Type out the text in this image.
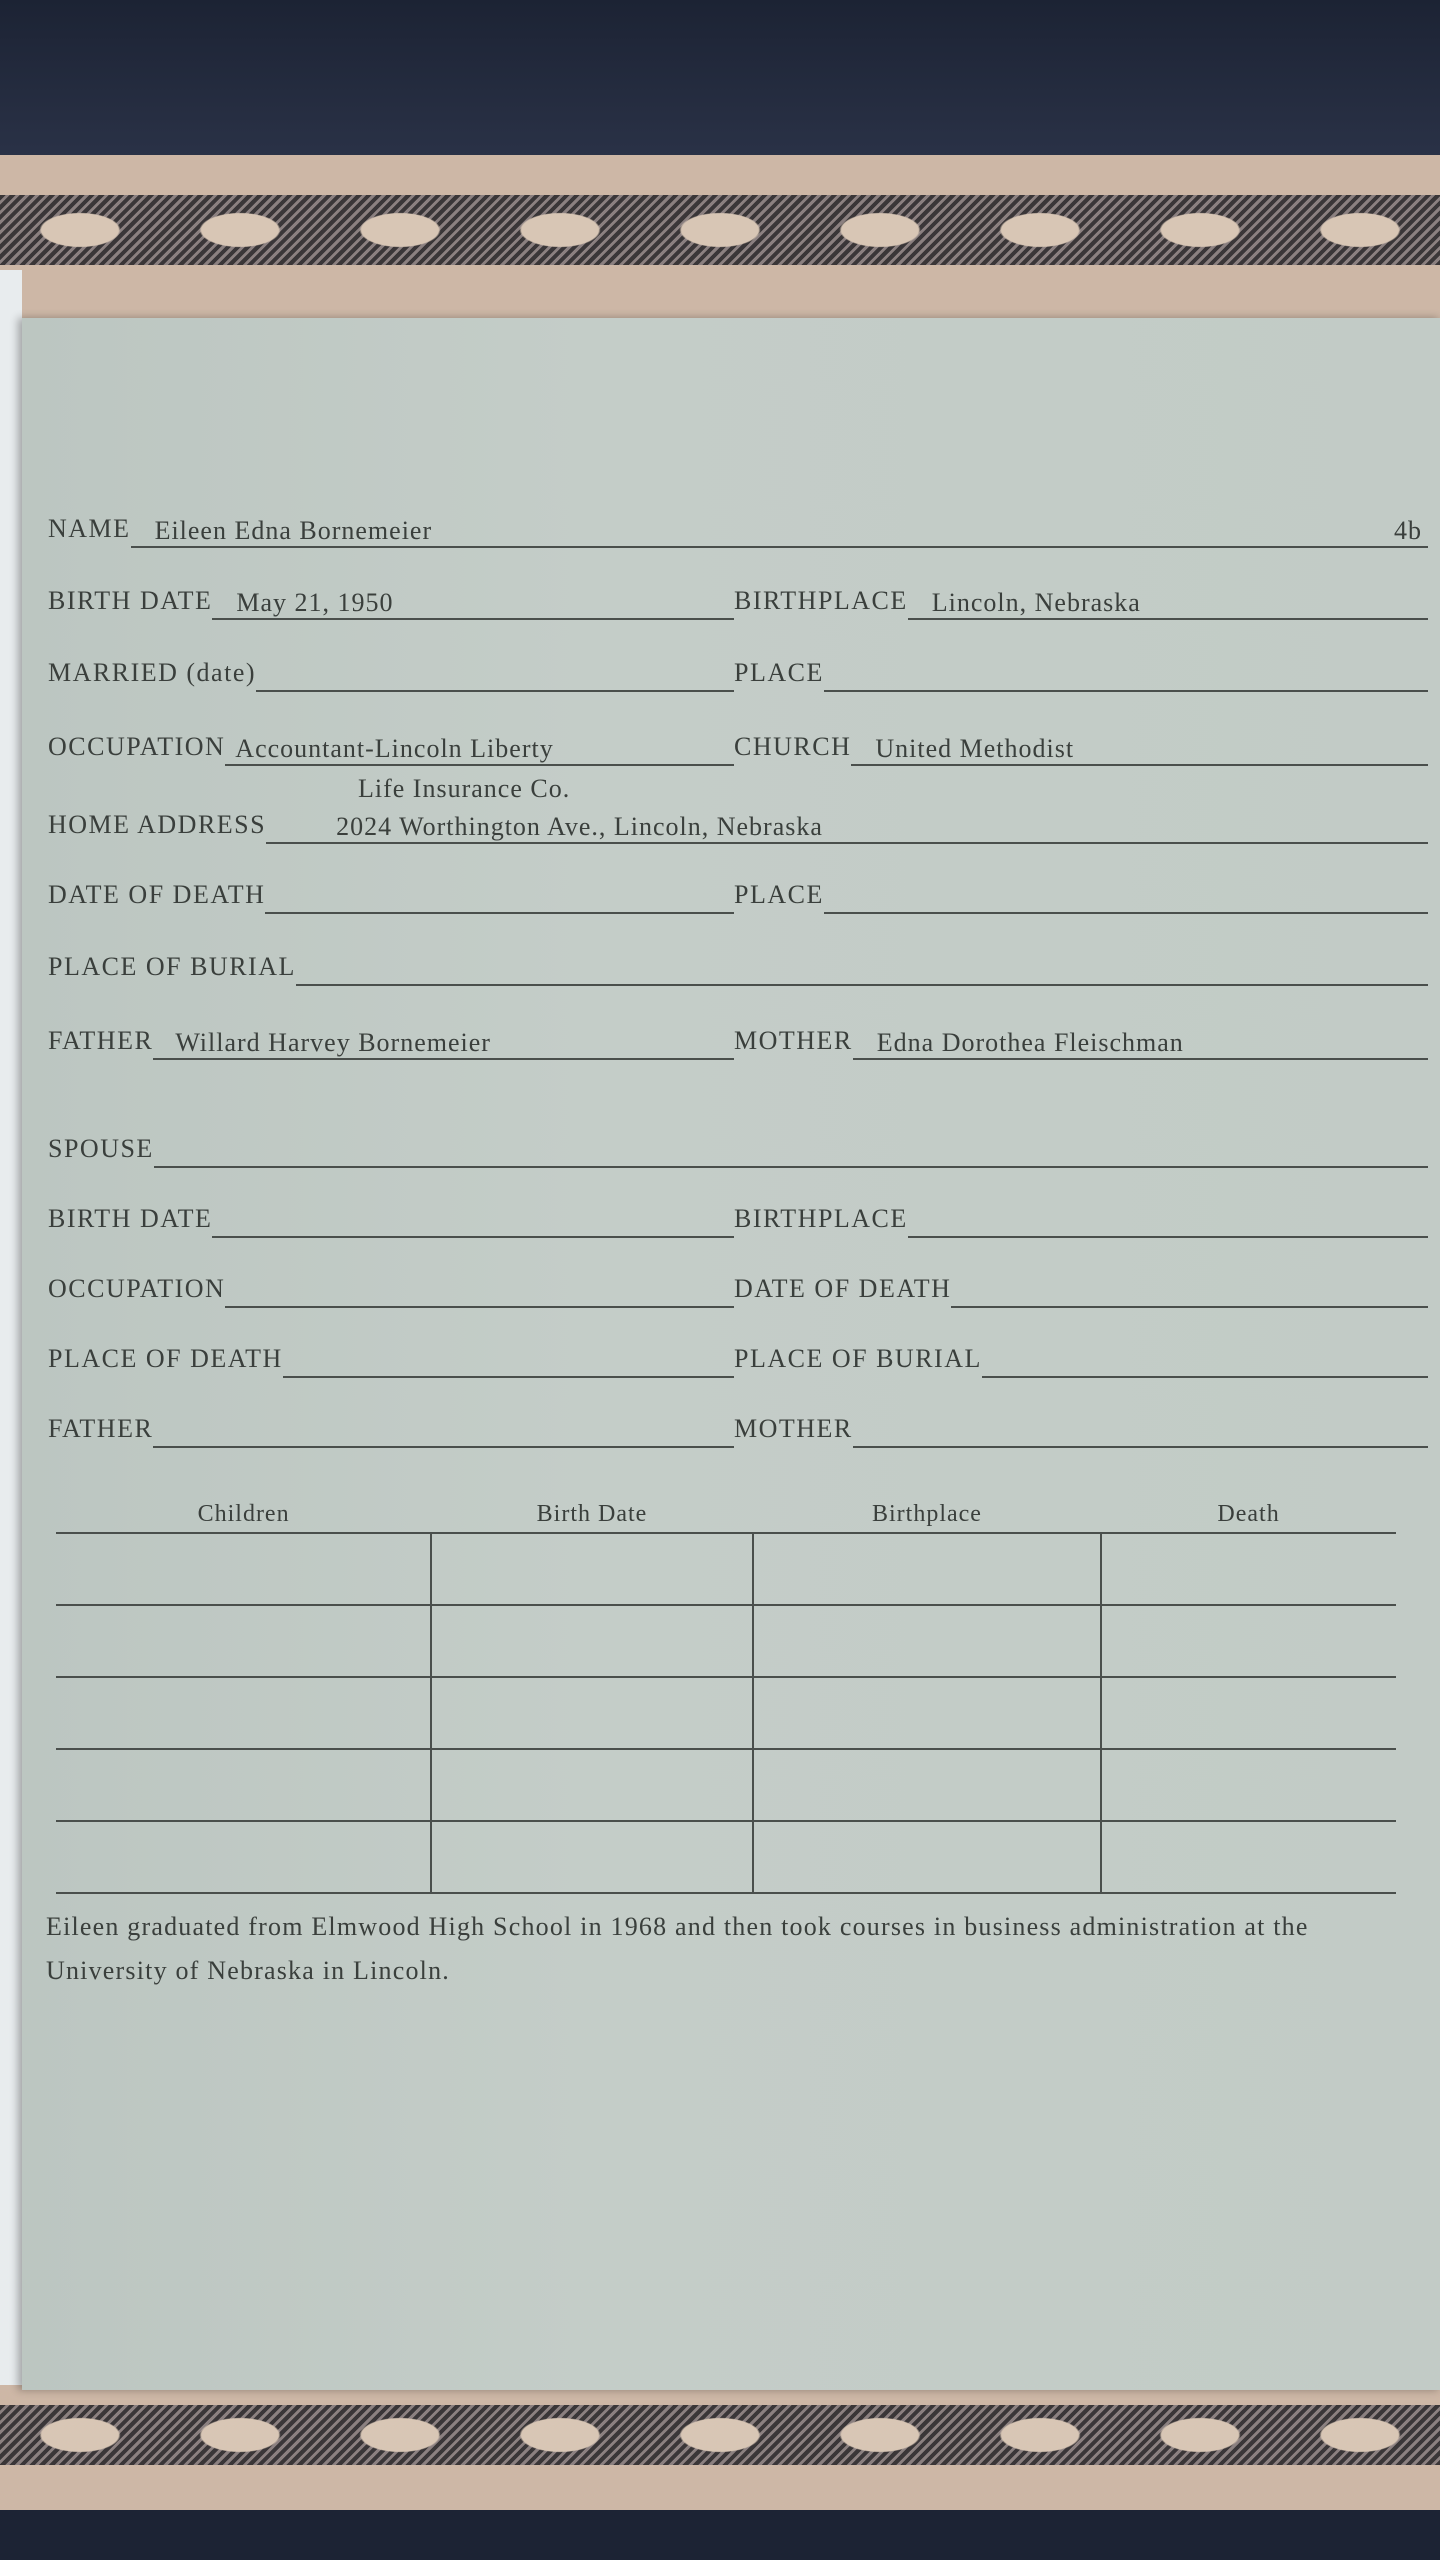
NAME Eileen Edna Bornemeier	4b
BIRTH DATE May 21, 1950	BIRTHPLACE Lincoln, Nebraska
MARRIED (date)	PLACE
OCCUPATION Accountant-Lincoln Liberty	CHURCH United Methodist
Life Insurance Co.
HOME ADDRESS	2024 Worthington Ave., Lincoln, Nebraska
DATE OF DEATH	PLACE
PLACE OF BURIAL
FATHER Willard Harvey Bornemeier	MOTHER Edna Dorothea Fleischman
SPOUSE
BIRTH DATE	BIRTHPLACE
OCCUPATION	DATE OF DEATH
PLACE OF DEATH	PLACE OF BURIAL
FATHER	MOTHER
Children	Birth Date	Birthplace	Death

Eileen graduated from Elmwood High School in 1968 and then took courses in business administration at the University of Nebraska in Lincoln.
